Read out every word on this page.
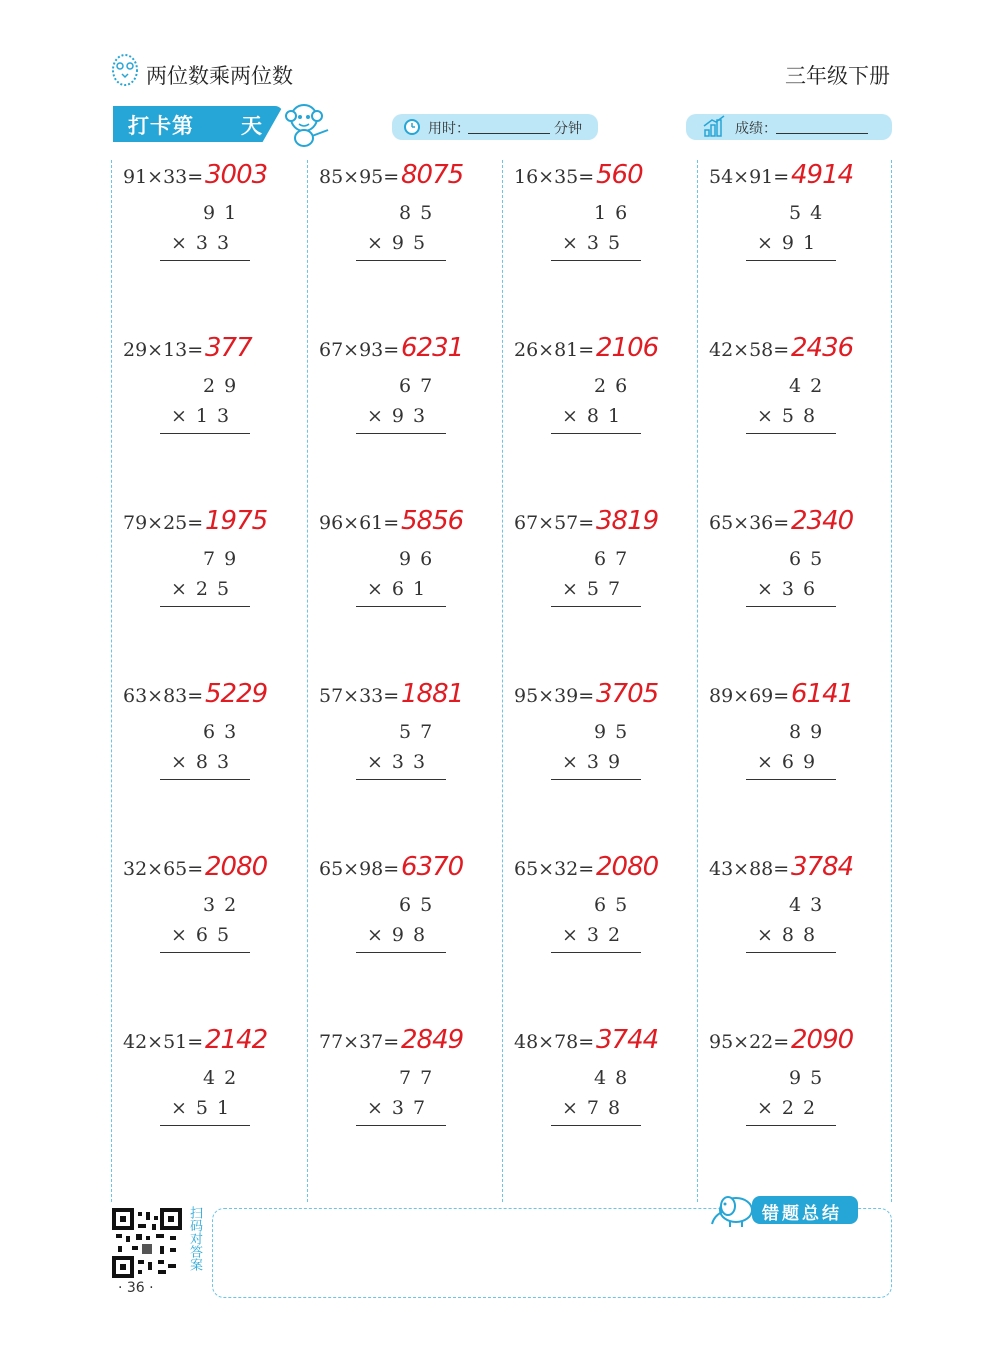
两位数乘两位数	三年级下册
打卡第 天	用时：	分钟	成绩：
91×33= 3003
91
×33
85×95= 8075
85
×95
16×35= 560
16
×35
54×91= 4914
54
×91
29×13= 377
29
×13
67×93= 6231
67
×93
26×81= 2106
26
×81
42×58= 2436
42
×58
79×25= 1975
79
×25
96×61= 5856
96
×61
67×57= 3819
67
×57
65×36= 2340
65
×36
63×83= 5229
63
×83
57×33= 1881
57
×33
95×39= 3705
95
×39
89×69= 6141
89
×69
32×65= 2080
32
×65
65×98= 6370
65
×98
65×32= 2080
65
×32
43×88= 3784
43
×88
42×51= 2142
42
×51
77×37= 2849
77
×37
48×78= 3744
48
×78
95×22= 2090
95
×22
扫码对答案
· 36 ·
错题总结
